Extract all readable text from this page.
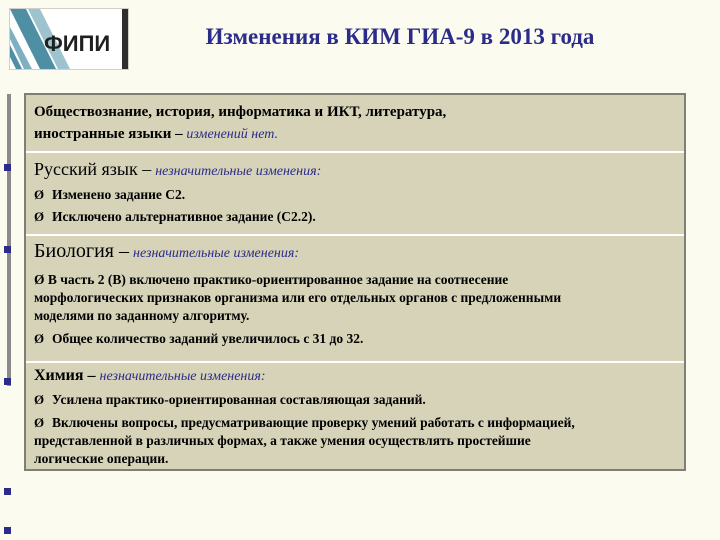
ФИПИ	Изменения в КИМ ГИА-9 в 2013 года
Обществознание, история, информатика и ИКТ, литература,
иностранные языки – изменений нет.
Русский язык – незначительные изменения:
Ø Изменено задание С2.
Ø Исключено альтернативное задание (С2.2).
Биология – незначительные изменения:
Ø В часть 2 (В) включено практико-ориентированное задание на соотнесение
морфологических признаков организма или его отдельных органов с предложенными
моделями по заданному алгоритму.
Ø Общее количество заданий увеличилось с 31 до 32.
Химия – незначительные изменения:
Ø Усилена практико-ориентированная составляющая заданий.
Ø Включены вопросы, предусматривающие проверку умений работать с информацией,
представленной в различных формах, а также умения осуществлять простейшие
логические операции.
